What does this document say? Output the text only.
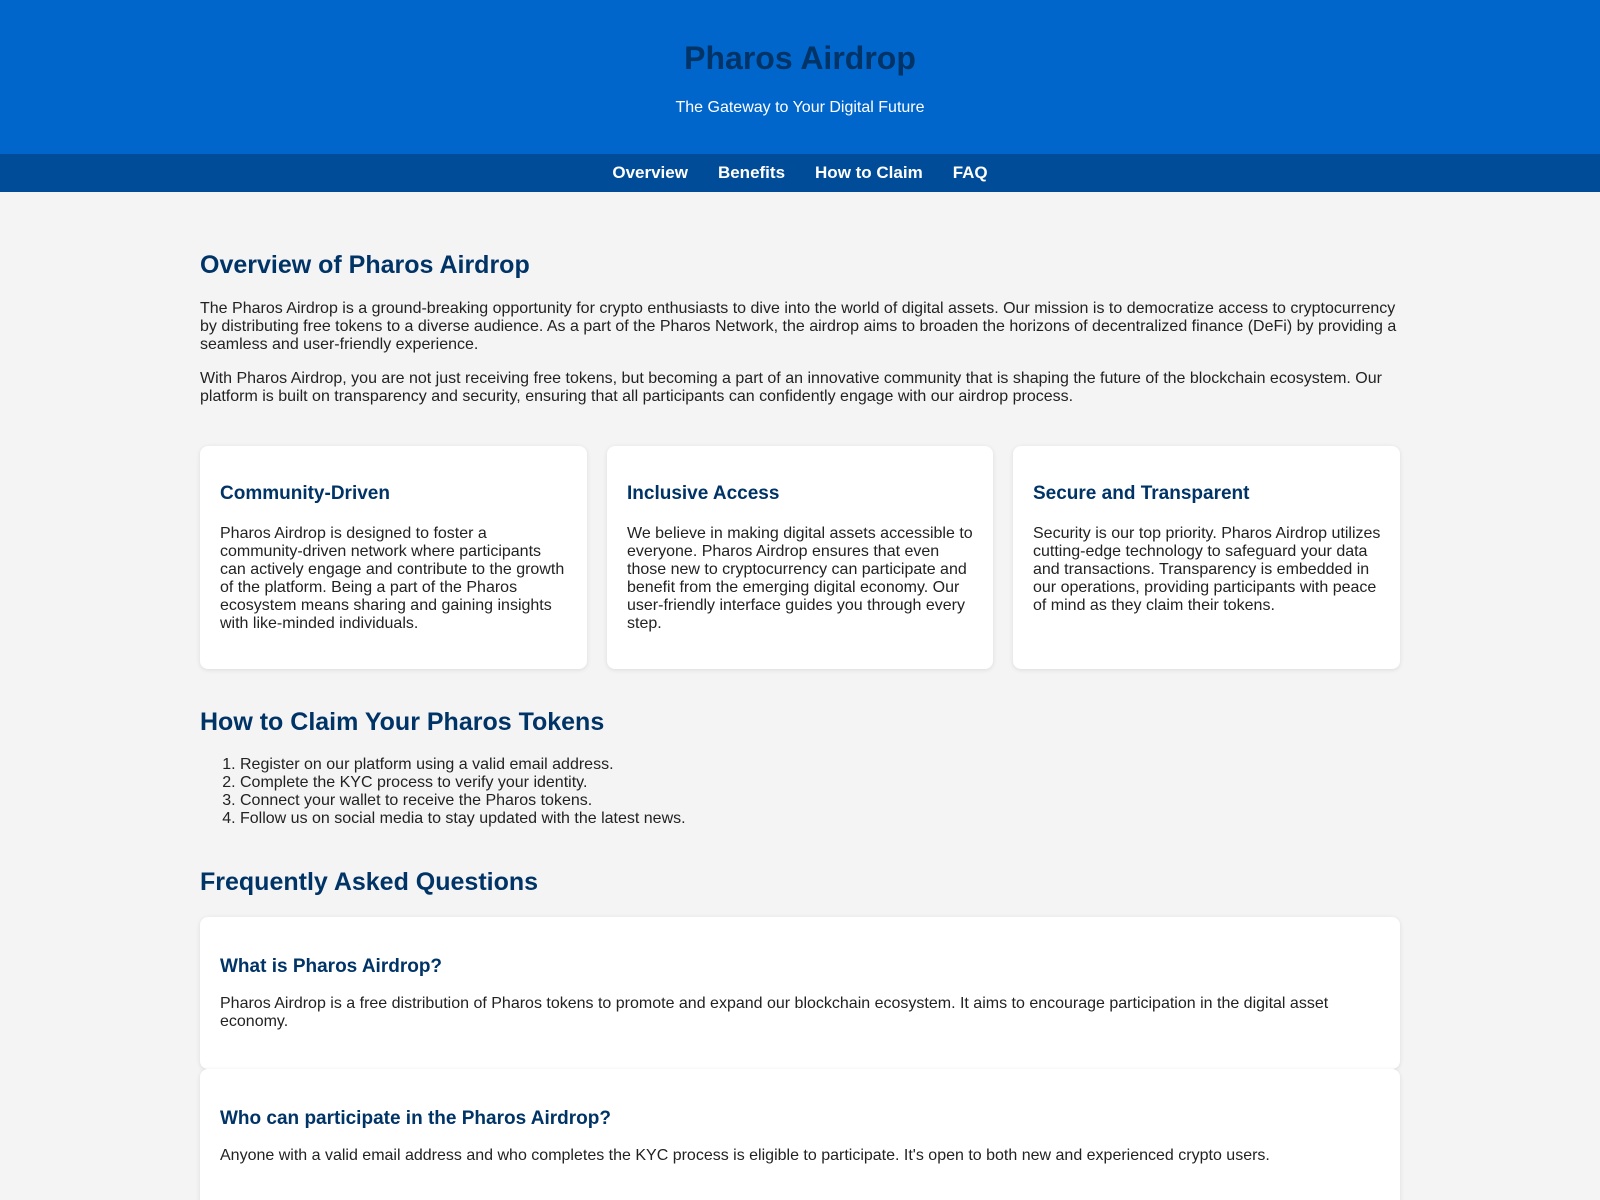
Pharos Airdrop
The Gateway to Your Digital Future
Overview Benefits How to Claim FAQ
Overview of Pharos Airdrop

The Pharos Airdrop is a ground-breaking opportunity for crypto enthusiasts to dive into the world of digital assets. Our mission is to democratize access to cryptocurrency by distributing free tokens to a diverse audience. As a part of the Pharos Network, the airdrop aims to broaden the horizons of decentralized finance (DeFi) by providing a seamless and user-friendly experience.

With Pharos Airdrop, you are not just receiving free tokens, but becoming a part of an innovative community that is shaping the future of the blockchain ecosystem. Our platform is built on transparency and security, ensuring that all participants can confidently engage with our airdrop process.

Community-Driven

Pharos Airdrop is designed to foster a community-driven network where participants can actively engage and contribute to the growth of the platform. Being a part of the Pharos ecosystem means sharing and gaining insights with like-minded individuals.

Inclusive Access

We believe in making digital assets accessible to everyone. Pharos Airdrop ensures that even those new to cryptocurrency can participate and benefit from the emerging digital economy. Our user-friendly interface guides you through every step.

Secure and Transparent

Security is our top priority. Pharos Airdrop utilizes cutting-edge technology to safeguard your data and transactions. Transparency is embedded in our operations, providing participants with peace of mind as they claim their tokens.

How to Claim Your Pharos Tokens
1. Register on our platform using a valid email address.
2. Complete the KYC process to verify your identity.
3. Connect your wallet to receive the Pharos tokens.
4. Follow us on social media to stay updated with the latest news.
Frequently Asked Questions
What is Pharos Airdrop?

Pharos Airdrop is a free distribution of Pharos tokens to promote and expand our blockchain ecosystem. It aims to encourage participation in the digital asset economy.

Who can participate in the Pharos Airdrop?

Anyone with a valid email address and who completes the KYC process is eligible to participate. It's open to both new and experienced crypto users.
